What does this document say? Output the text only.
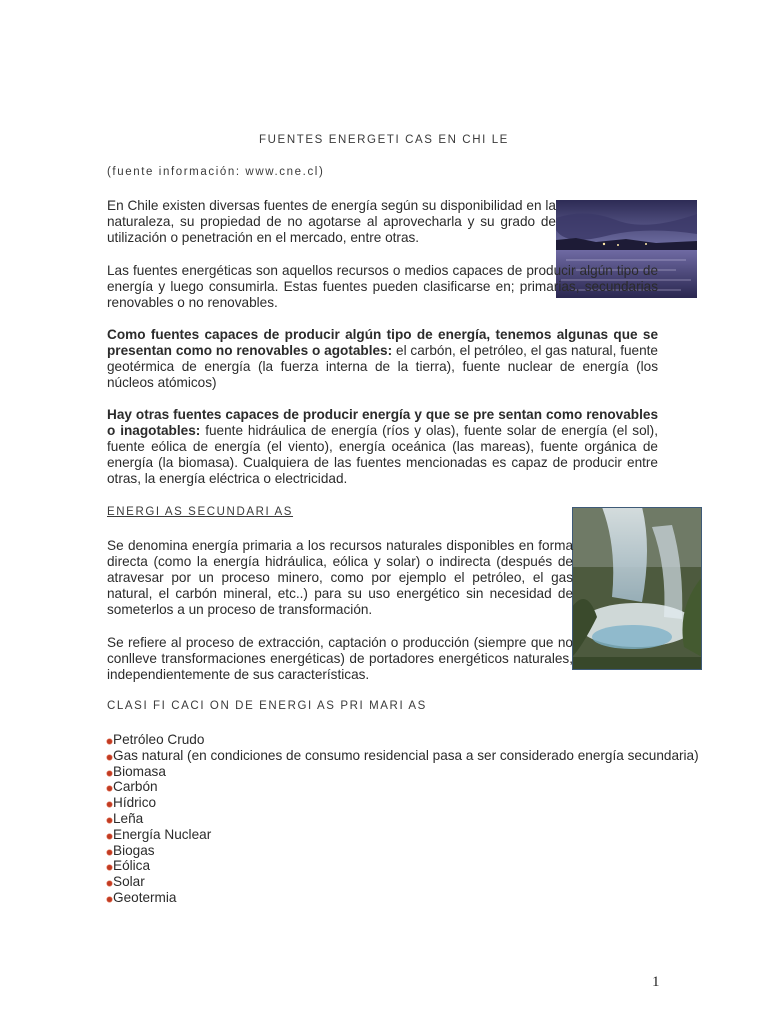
FUENTES ENERGETI CAS EN CHI LE
(fuente información: www.cne.cl)

En Chile existen diversas fuentes de energía según su disponibilidad en la naturaleza, su propiedad de no agotarse al aprovecharla y su grado de utilización o penetración en el mercado, entre otras.

Las fuentes energéticas son aquellos recursos o medios capaces de producir algún tipo de energía y luego consumirla. Estas fuentes pueden clasificarse en; primarias, secundarias renovables o no renovables.

Como fuentes capaces de producir algún tipo de energía, tenemos algunas que se presentan como no renovables o agotables: el carbón, el petróleo, el gas natural, fuente geotérmica de energía (la fuerza interna de la tierra), fuente nuclear de energía (los núcleos atómicos)

Hay otras fuentes capaces de producir energía y que se pre sentan como renovables o inagotables: fuente hidráulica de energía (ríos y olas), fuente solar de energía (el sol), fuente eólica de energía (el viento), energía oceánica (las mareas), fuente orgánica de energía (la biomasa). Cualquiera de las fuentes mencionadas es capaz de producir entre otras, la energía eléctrica o electricidad.

ENERGI AS SECUNDARI AS

Se denomina energía primaria a los recursos naturales disponibles en forma directa (como la energía hidráulica, eólica y solar) o indirecta (después de atravesar por un proceso minero, como por ejemplo el petróleo, el gas natural, el carbón mineral, etc..) para su uso energético sin necesidad de someterlos a un proceso de transformación.

Se refiere al proceso de extracción, captación o producción (siempre que no conlleve transformaciones energéticas) de portadores energéticos naturales, independientemente de sus características.

CLASI FI CACI ON DE ENERGI AS PRI MARI AS
Petróleo Crudo
Gas natural (en condiciones de consumo residencial pasa a ser considerado energía secundaria)
Biomasa
Carbón
Hídrico
Leña
Energía Nuclear
Biogas
Eólica
Solar
Geotermia
1
